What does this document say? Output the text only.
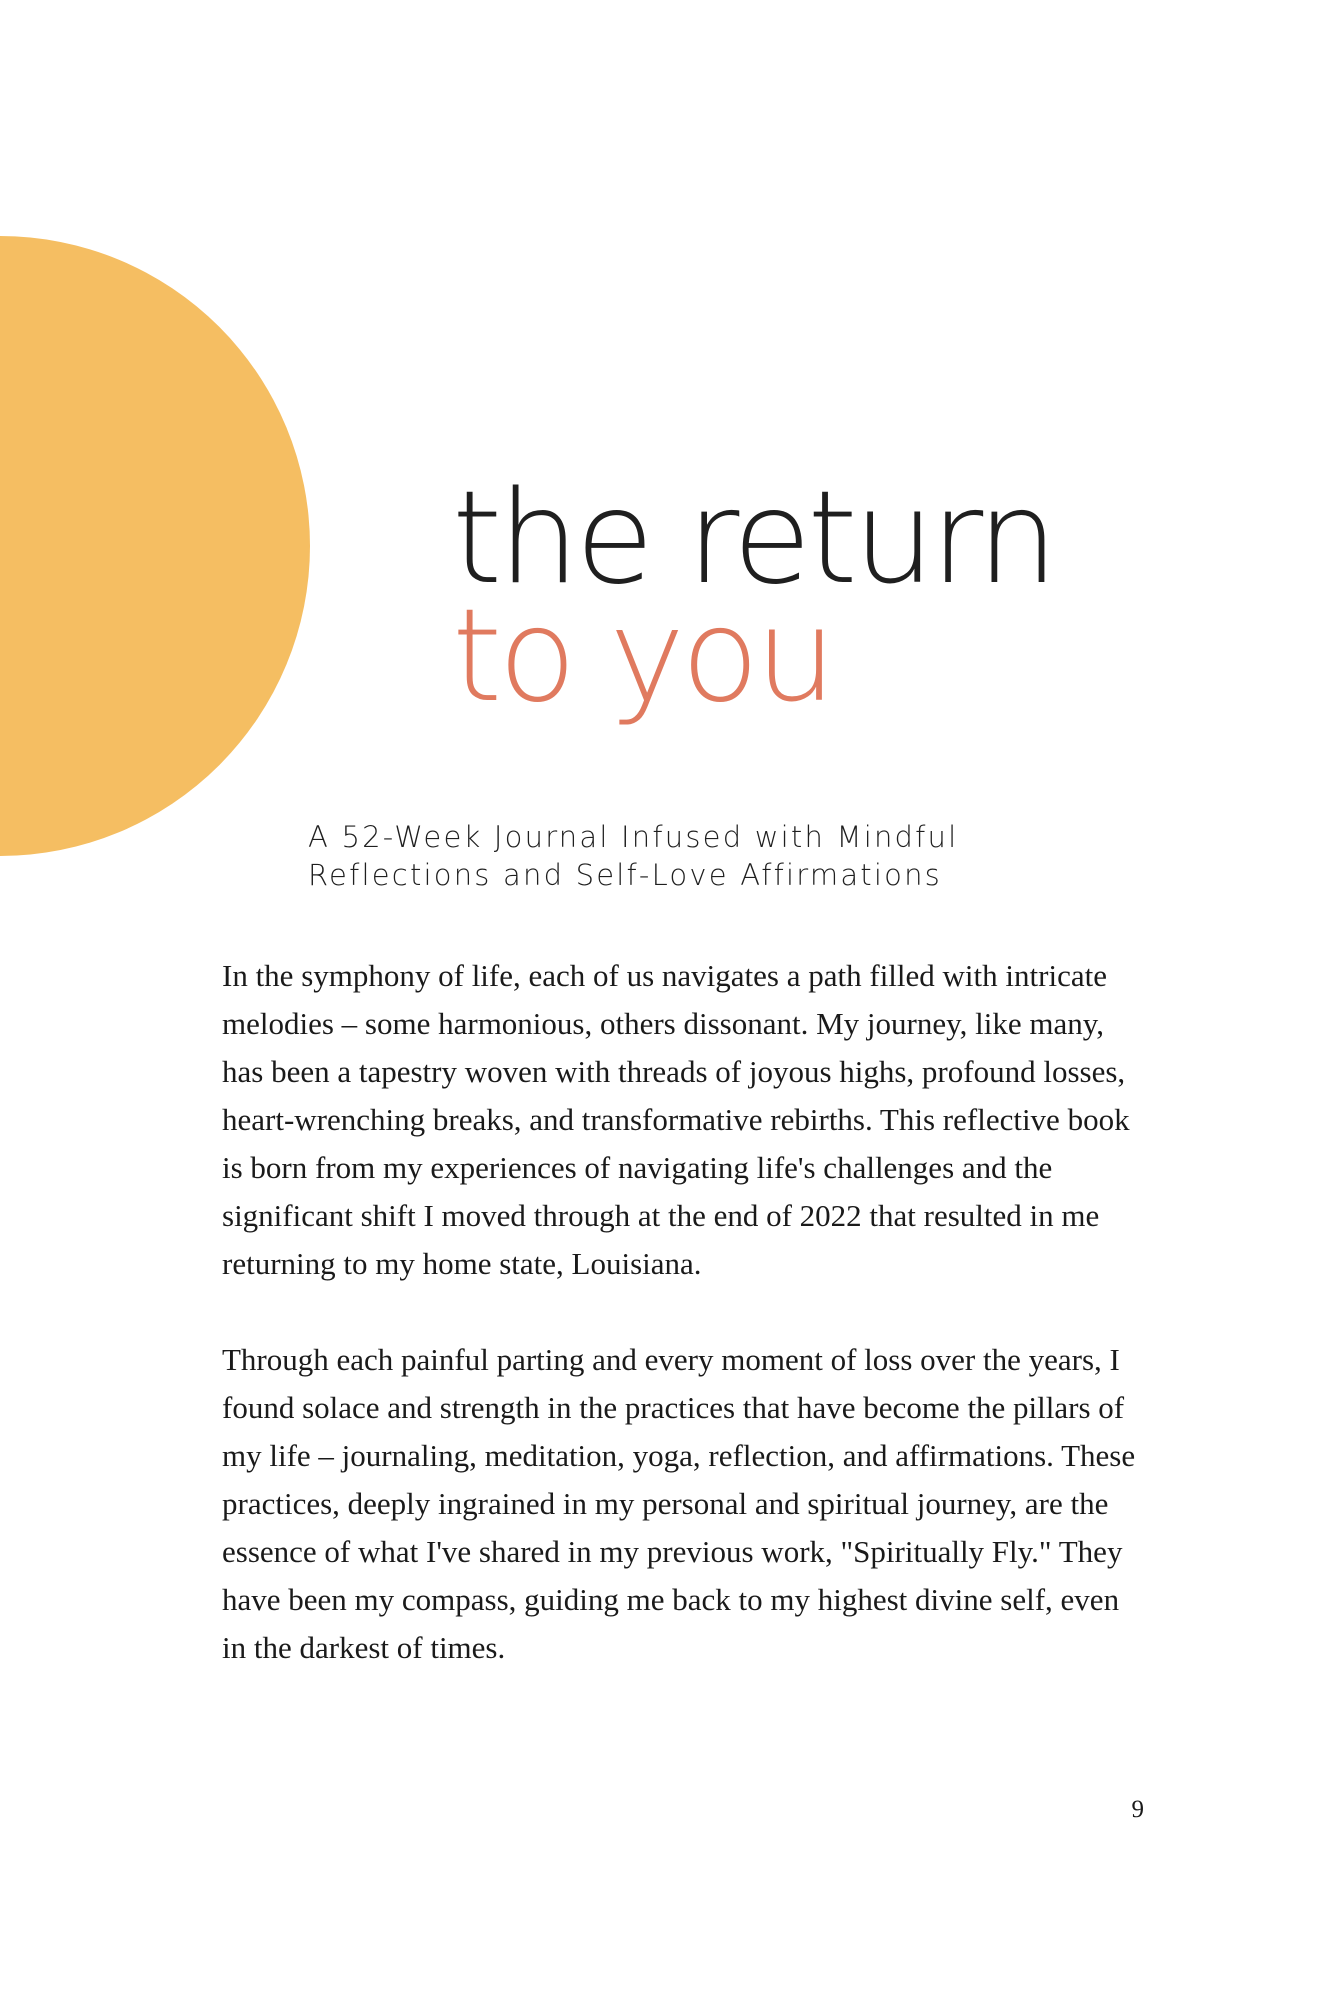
the return
to you

A 52-Week Journal Infused with Mindful
Reflections and Self-Love Affirmations

In the symphony of life, each of us navigates a path filled with intricate melodies – some harmonious, others dissonant. My journey, like many, has been a tapestry woven with threads of joyous highs, profound losses, heart-wrenching breaks, and transformative rebirths. This reflective book is born from my experiences of navigating life's challenges and the significant shift I moved through at the end of 2022 that resulted in me returning to my home state, Louisiana.

Through each painful parting and every moment of loss over the years, I found solace and strength in the practices that have become the pillars of my life – journaling, meditation, yoga, reflection, and affirmations. These practices, deeply ingrained in my personal and spiritual journey, are the essence of what I've shared in my previous work, "Spiritually Fly." They have been my compass, guiding me back to my highest divine self, even in the darkest of times.

9
